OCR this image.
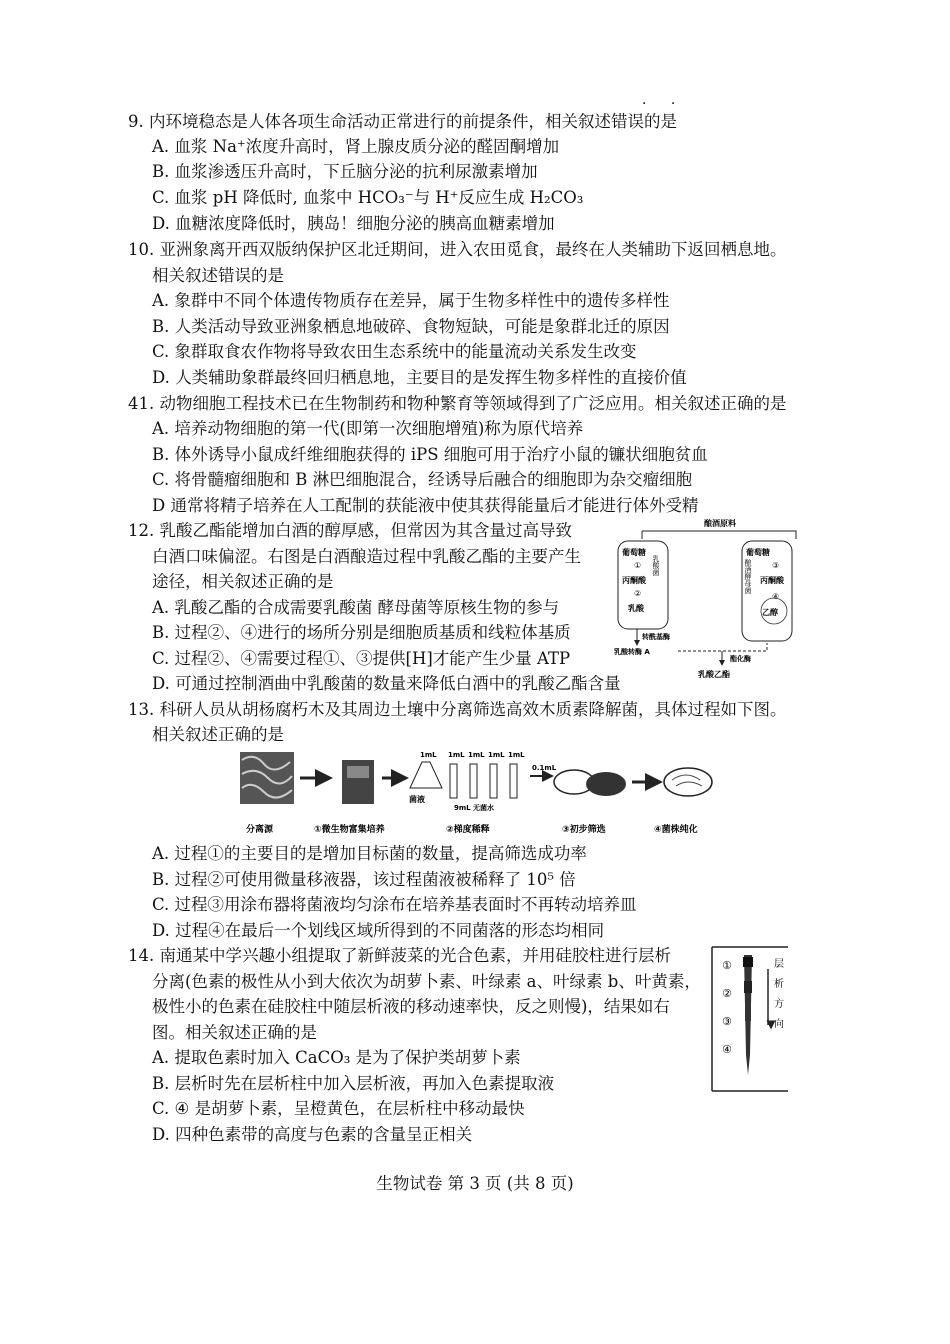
· ·
9. 内环境稳态是人体各项生命活动正常进行的前提条件，相关叙述错误的是
A. 血浆 Na⁺浓度升高时，肾上腺皮质分泌的醛固酮增加
B. 血浆渗透压升高时，下丘脑分泌的抗利尿激素增加
C. 血浆 pH 降低时, 血浆中 HCO₃⁻与 H⁺反应生成 H₂CO₃
D. 血糖浓度降低时，胰岛！细胞分泌的胰高血糖素增加
10. 亚洲象离开西双版纳保护区北迁期间，进入农田觅食，最终在人类辅助下返回栖息地。
相关叙述错误的是
A. 象群中不同个体遗传物质存在差异，属于生物多样性中的遗传多样性
B. 人类活动导致亚洲象栖息地破碎、食物短缺，可能是象群北迁的原因
C. 象群取食农作物将导致农田生态系统中的能量流动关系发生改变
D. 人类辅助象群最终回归栖息地，主要目的是发挥生物多样性的直接价值
41. 动物细胞工程技术已在生物制药和物种繁育等领域得到了广泛应用。相关叙述正确的是
A. 培养动物细胞的第一代(即第一次细胞增殖)称为原代培养
B. 体外诱导小鼠成纤维细胞获得的 iPS 细胞可用于治疗小鼠的镰状细胞贫血
C. 将骨髓瘤细胞和 B 淋巴细胞混合，经诱导后融合的细胞即为杂交瘤细胞
D 通常将精子培养在人工配制的获能液中使其获得能量后才能进行体外受精
12. 乳酸乙酯能增加白酒的醇厚感，但常因为其含量过高导致
白酒口味偏涩。右图是白酒酿造过程中乳酸乙酯的主要产生
途径，相关叙述正确的是
A. 乳酸乙酯的合成需要乳酸菌 酵母菌等原核生物的参与
B. 过程②、④进行的场所分别是细胞质基质和线粒体基质
C. 过程②、④需要过程①、③提供[H]才能产生少量 ATP
D. 可通过控制酒曲中乳酸菌的数量来降低白酒中的乳酸乙酯含量
酿酒原料
葡萄糖
①
丙酮酸
②
乳酸
乳酸菌
葡萄糖
③
丙酮酸
④
乙醇
酿酒酵母菌
转酰基酶
乳酸转酶 A
酯化酶
乳酸乙酯
13. 科研人员从胡杨腐朽木及其周边土壤中分离筛选高效木质素降解菌，具体过程如下图。
相关叙述正确的是
菌液
1mL 1mL 1mL 1mL 1mL
9mL 无菌水
0.1mL
分离源	①微生物富集培养	②梯度稀释	③初步筛选	④菌株纯化
A. 过程①的主要目的是增加目标菌的数量，提高筛选成功率
B. 过程②可使用微量移液器，该过程菌液被稀释了 10⁵ 倍
C. 过程③用涂布器将菌液均匀涂布在培养基表面时不再转动培养皿
D. 过程④在最后一个划线区域所得到的不同菌落的形态均相同
14. 南通某中学兴趣小组提取了新鲜菠菜的光合色素，并用硅胶柱进行层析
分离(色素的极性从小到大依次为胡萝卜素、叶绿素 a、叶绿素 b、叶黄素，
极性小的色素在硅胶柱中随层析液的移动速率快，反之则慢)，结果如右
图。相关叙述正确的是
A. 提取色素时加入 CaCO₃ 是为了保护类胡萝卜素
B. 层析时先在层析柱中加入层析液，再加入色素提取液
C. ④ 是胡萝卜素，呈橙黄色，在层析柱中移动最快
D. 四种色素带的高度与色素的含量呈正相关
①
②
③
④
层
析
方
向
生物试卷 第 3 页 (共 8 页)
